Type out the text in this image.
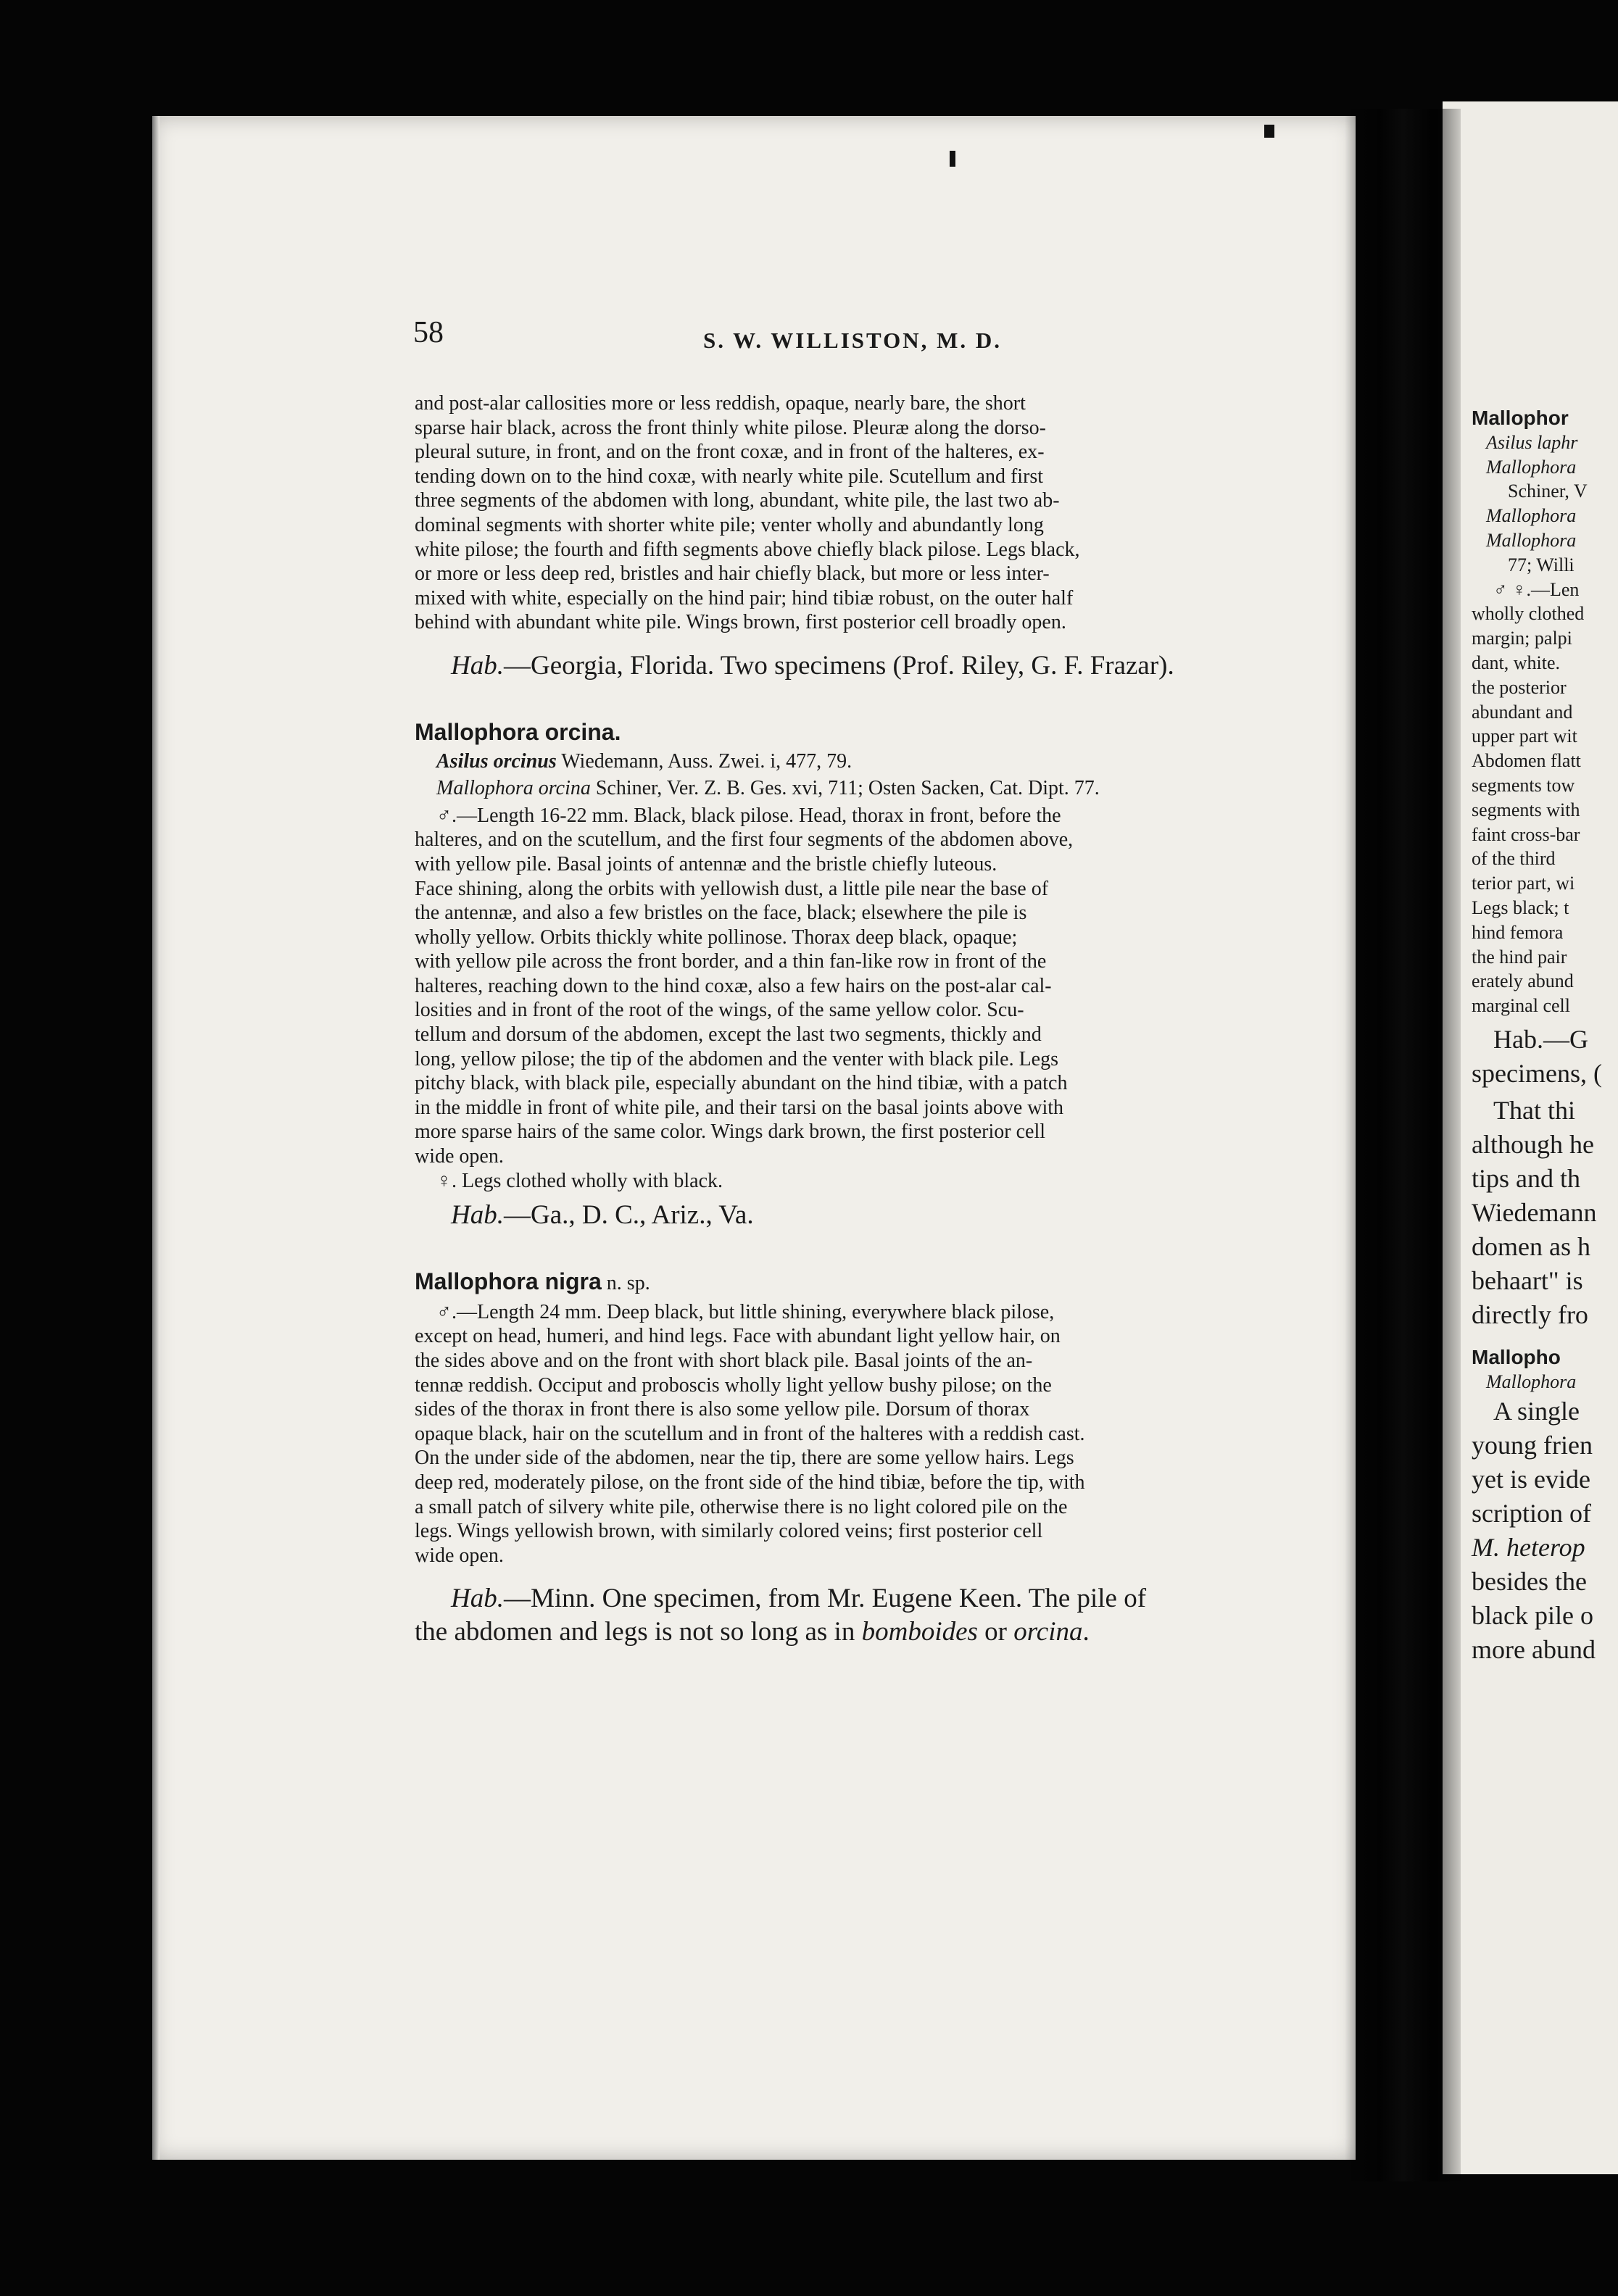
58	S. W. WILLISTON, M. D.

and post-alar callosities more or less reddish, opaque, nearly bare, the short

sparse hair black, across the front thinly white pilose. Pleuræ along the dorso-

pleural suture, in front, and on the front coxæ, and in front of the halteres, ex-

tending down on to the hind coxæ, with nearly white pile. Scutellum and first

three segments of the abdomen with long, abundant, white pile, the last two ab-

dominal segments with shorter white pile; venter wholly and abundantly long

white pilose; the fourth and fifth segments above chiefly black pilose. Legs black,

or more or less deep red, bristles and hair chiefly black, but more or less inter-

mixed with white, especially on the hind pair; hind tibiæ robust, on the outer half

behind with abundant white pile. Wings brown, first posterior cell broadly open.

Hab.—Georgia, Florida. Two specimens (Prof. Riley, G. F. Frazar).

Mallophora orcina.

Asilus orcinus Wiedemann, Auss. Zwei. i, 477, 79.

Mallophora orcina Schiner, Ver. Z. B. Ges. xvi, 711; Osten Sacken, Cat. Dipt. 77.

♂.—Length 16-22 mm. Black, black pilose. Head, thorax in front, before the

halteres, and on the scutellum, and the first four segments of the abdomen above,

with yellow pile. Basal joints of antennæ and the bristle chiefly luteous.

Face shining, along the orbits with yellowish dust, a little pile near the base of

the antennæ, and also a few bristles on the face, black; elsewhere the pile is

wholly yellow. Orbits thickly white pollinose. Thorax deep black, opaque;

with yellow pile across the front border, and a thin fan-like row in front of the

halteres, reaching down to the hind coxæ, also a few hairs on the post-alar cal-

losities and in front of the root of the wings, of the same yellow color. Scu-

tellum and dorsum of the abdomen, except the last two segments, thickly and

long, yellow pilose; the tip of the abdomen and the venter with black pile. Legs

pitchy black, with black pile, especially abundant on the hind tibiæ, with a patch

in the middle in front of white pile, and their tarsi on the basal joints above with

more sparse hairs of the same color. Wings dark brown, the first posterior cell

wide open.

♀. Legs clothed wholly with black.

Hab.—Ga., D. C., Ariz., Va.

Mallophora nigra n. sp.

♂.—Length 24 mm. Deep black, but little shining, everywhere black pilose,

except on head, humeri, and hind legs. Face with abundant light yellow hair, on

the sides above and on the front with short black pile. Basal joints of the an-

tennæ reddish. Occiput and proboscis wholly light yellow bushy pilose; on the

sides of the thorax in front there is also some yellow pile. Dorsum of thorax

opaque black, hair on the scutellum and in front of the halteres with a reddish cast.

On the under side of the abdomen, near the tip, there are some yellow hairs. Legs

deep red, moderately pilose, on the front side of the hind tibiæ, before the tip, with

a small patch of silvery white pile, otherwise there is no light colored pile on the

legs. Wings yellowish brown, with similarly colored veins; first posterior cell

wide open.

Hab.—Minn. One specimen, from Mr. Eugene Keen. The pile of

the abdomen and legs is not so long as in bomboides or orcina.

Mallophor

Asilus laphr

Mallophora

Schiner, V

Mallophora

Mallophora

77; Willi

♂ ♀.—Len

wholly clothed

margin; palpi

dant, white.

the posterior

abundant and

upper part wit

Abdomen flatt

segments tow

segments with

faint cross-bar

of the third

terior part, wi

Legs black; t

hind femora

the hind pair

erately abund

marginal cell

Hab.—G

specimens, (

That thi

although he

tips and th

Wiedemann

domen as h

behaart" is

directly fro

Mallopho

Mallophora

A single

young frien

yet is evide

scription of

M. heterop

besides the

black pile o

more abund
